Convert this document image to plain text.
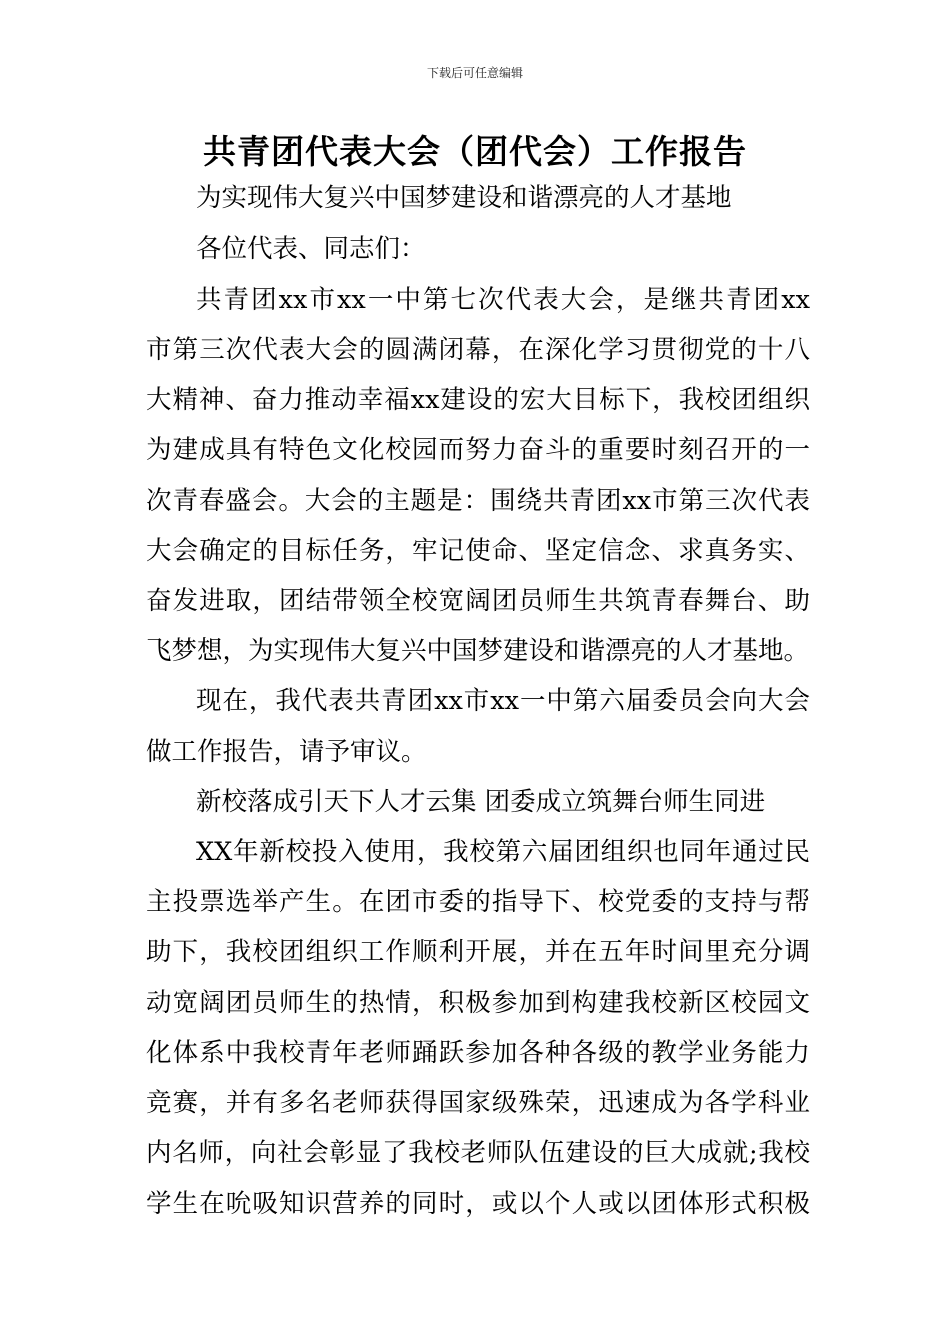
下载后可任意编辑
共青团代表大会（团代会）工作报告
为实现伟大复兴中国梦建设和谐漂亮的人才基地
各位代表、同志们：
共青团xx市xx一中第七次代表大会，是继共青团xx
市第三次代表大会的圆满闭幕，在深化学习贯彻党的十八
大精神、奋力推动幸福xx建设的宏大目标下，我校团组织
为建成具有特色文化校园而努力奋斗的重要时刻召开的一
次青春盛会。大会的主题是：围绕共青团xx市第三次代表
大会确定的目标任务，牢记使命、坚定信念、求真务实、
奋发进取，团结带领全校宽阔团员师生共筑青春舞台、助
飞梦想，为实现伟大复兴中国梦建设和谐漂亮的人才基地。
现在，我代表共青团xx市xx一中第六届委员会向大会
做工作报告，请予审议。
新校落成引天下人才云集 团委成立筑舞台师生同进
XX年新校投入使用，我校第六届团组织也同年通过民
主投票选举产生。在团市委的指导下、校党委的支持与帮
助下，我校团组织工作顺利开展，并在五年时间里充分调
动宽阔团员师生的热情，积极参加到构建我校新区校园文
化体系中我校青年老师踊跃参加各种各级的教学业务能力
竞赛，并有多名老师获得国家级殊荣，迅速成为各学科业
内名师，向社会彰显了我校老师队伍建设的巨大成就;我校
学生在吮吸知识营养的同时，或以个人或以团体形式积极
